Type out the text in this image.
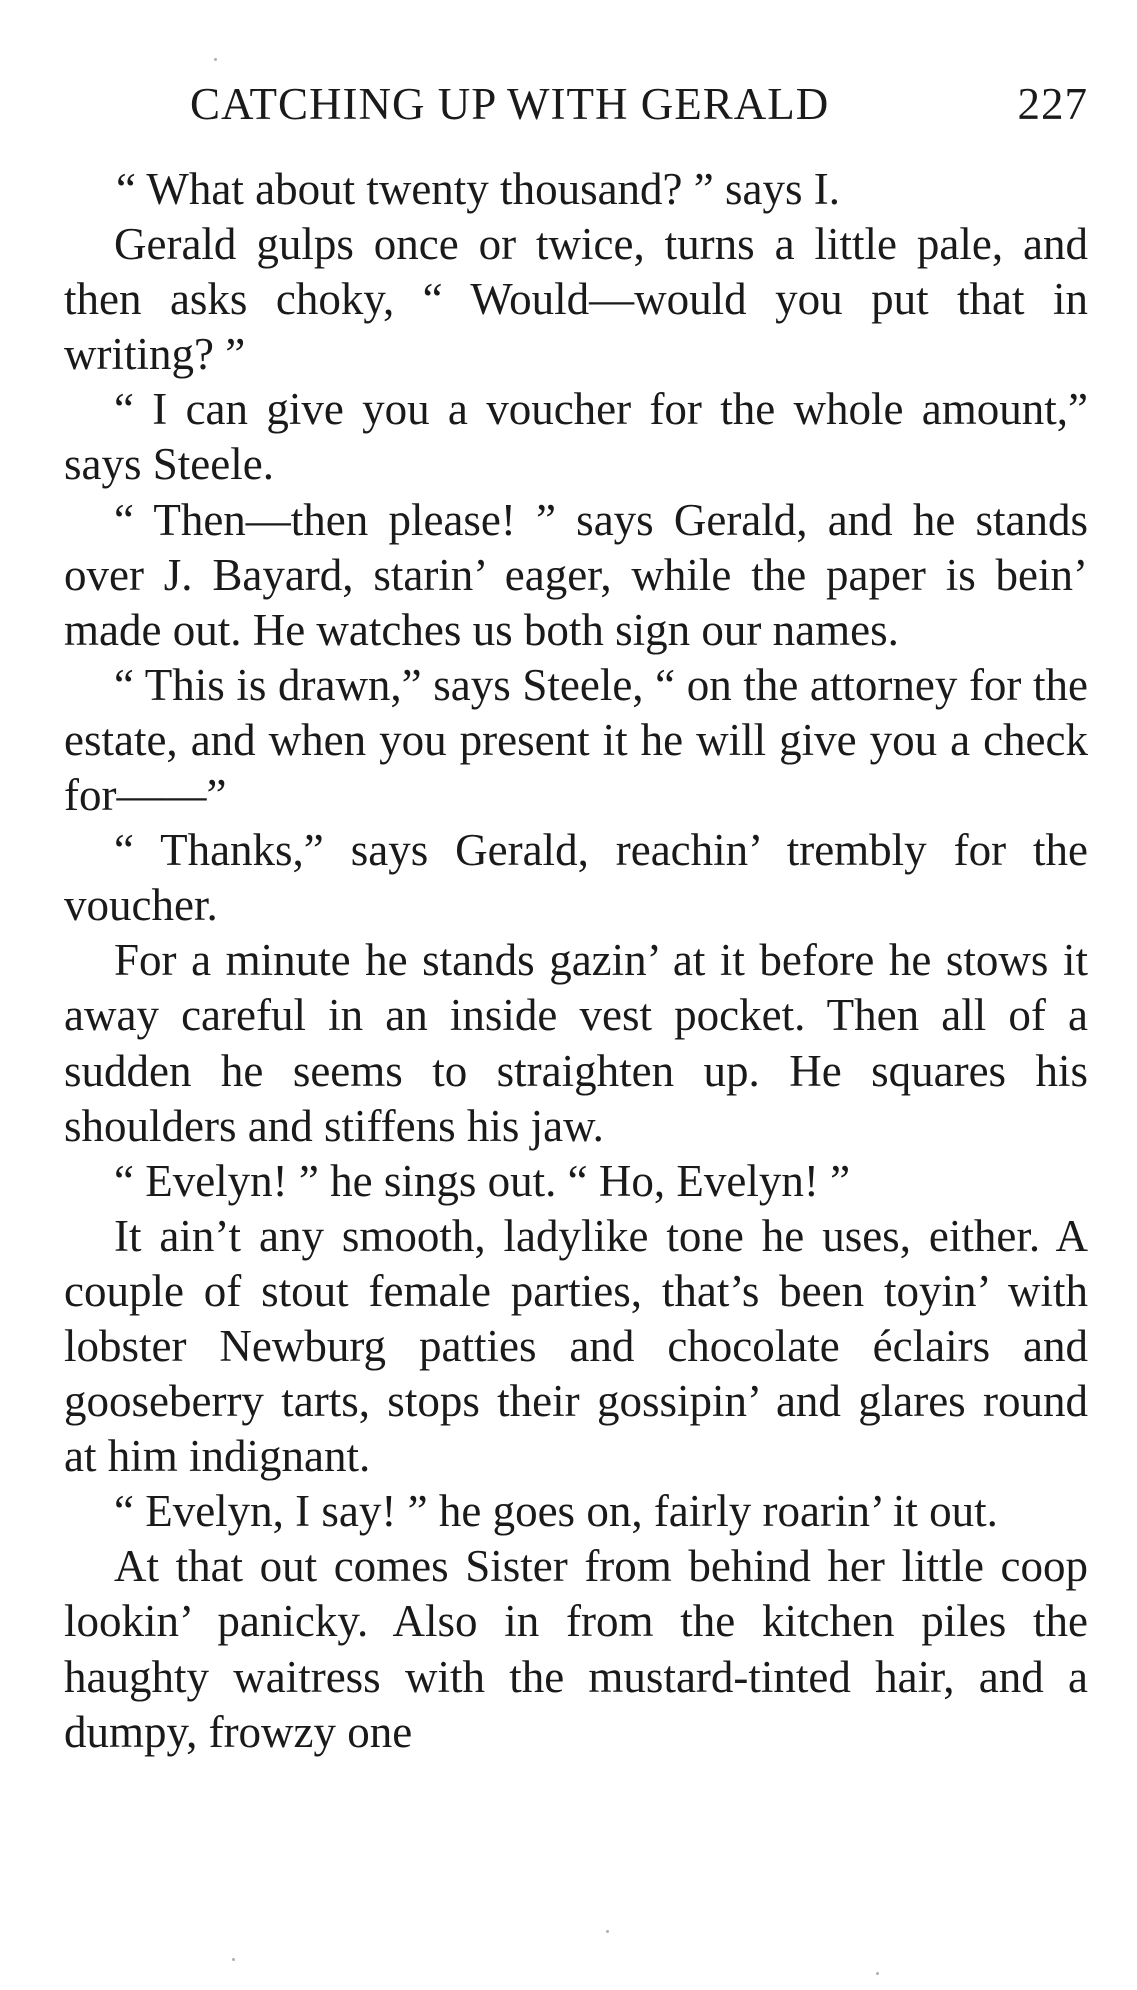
CATCHING UP WITH GERALD	227

“ What about twenty thousand? ” says I.

Gerald gulps once or twice, turns a little pale, and then asks choky, “ Would—would you put that in writing? ”

“ I can give you a voucher for the whole amount,” says Steele.

“ Then—then please! ” says Gerald, and he stands over J. Bayard, starin’ eager, while the paper is bein’ made out. He watches us both sign our names.

“ This is drawn,” says Steele, “ on the attorney for the estate, and when you present it he will give you a check for——”

“ Thanks,” says Gerald, reachin’ trembly for the voucher.

For a minute he stands gazin’ at it before he stows it away careful in an inside vest pocket. Then all of a sudden he seems to straighten up. He squares his shoulders and stiffens his jaw.

“ Evelyn! ” he sings out. “ Ho, Evelyn! ”

It ain’t any smooth, ladylike tone he uses, either. A couple of stout female parties, that’s been toyin’ with lobster Newburg patties and chocolate éclairs and gooseberry tarts, stops their gossipin’ and glares round at him indignant.

“ Evelyn, I say! ” he goes on, fairly roarin’ it out.

At that out comes Sister from behind her little coop lookin’ panicky. Also in from the kitchen piles the haughty waitress with the mustard-tinted hair, and a dumpy, frowzy one
